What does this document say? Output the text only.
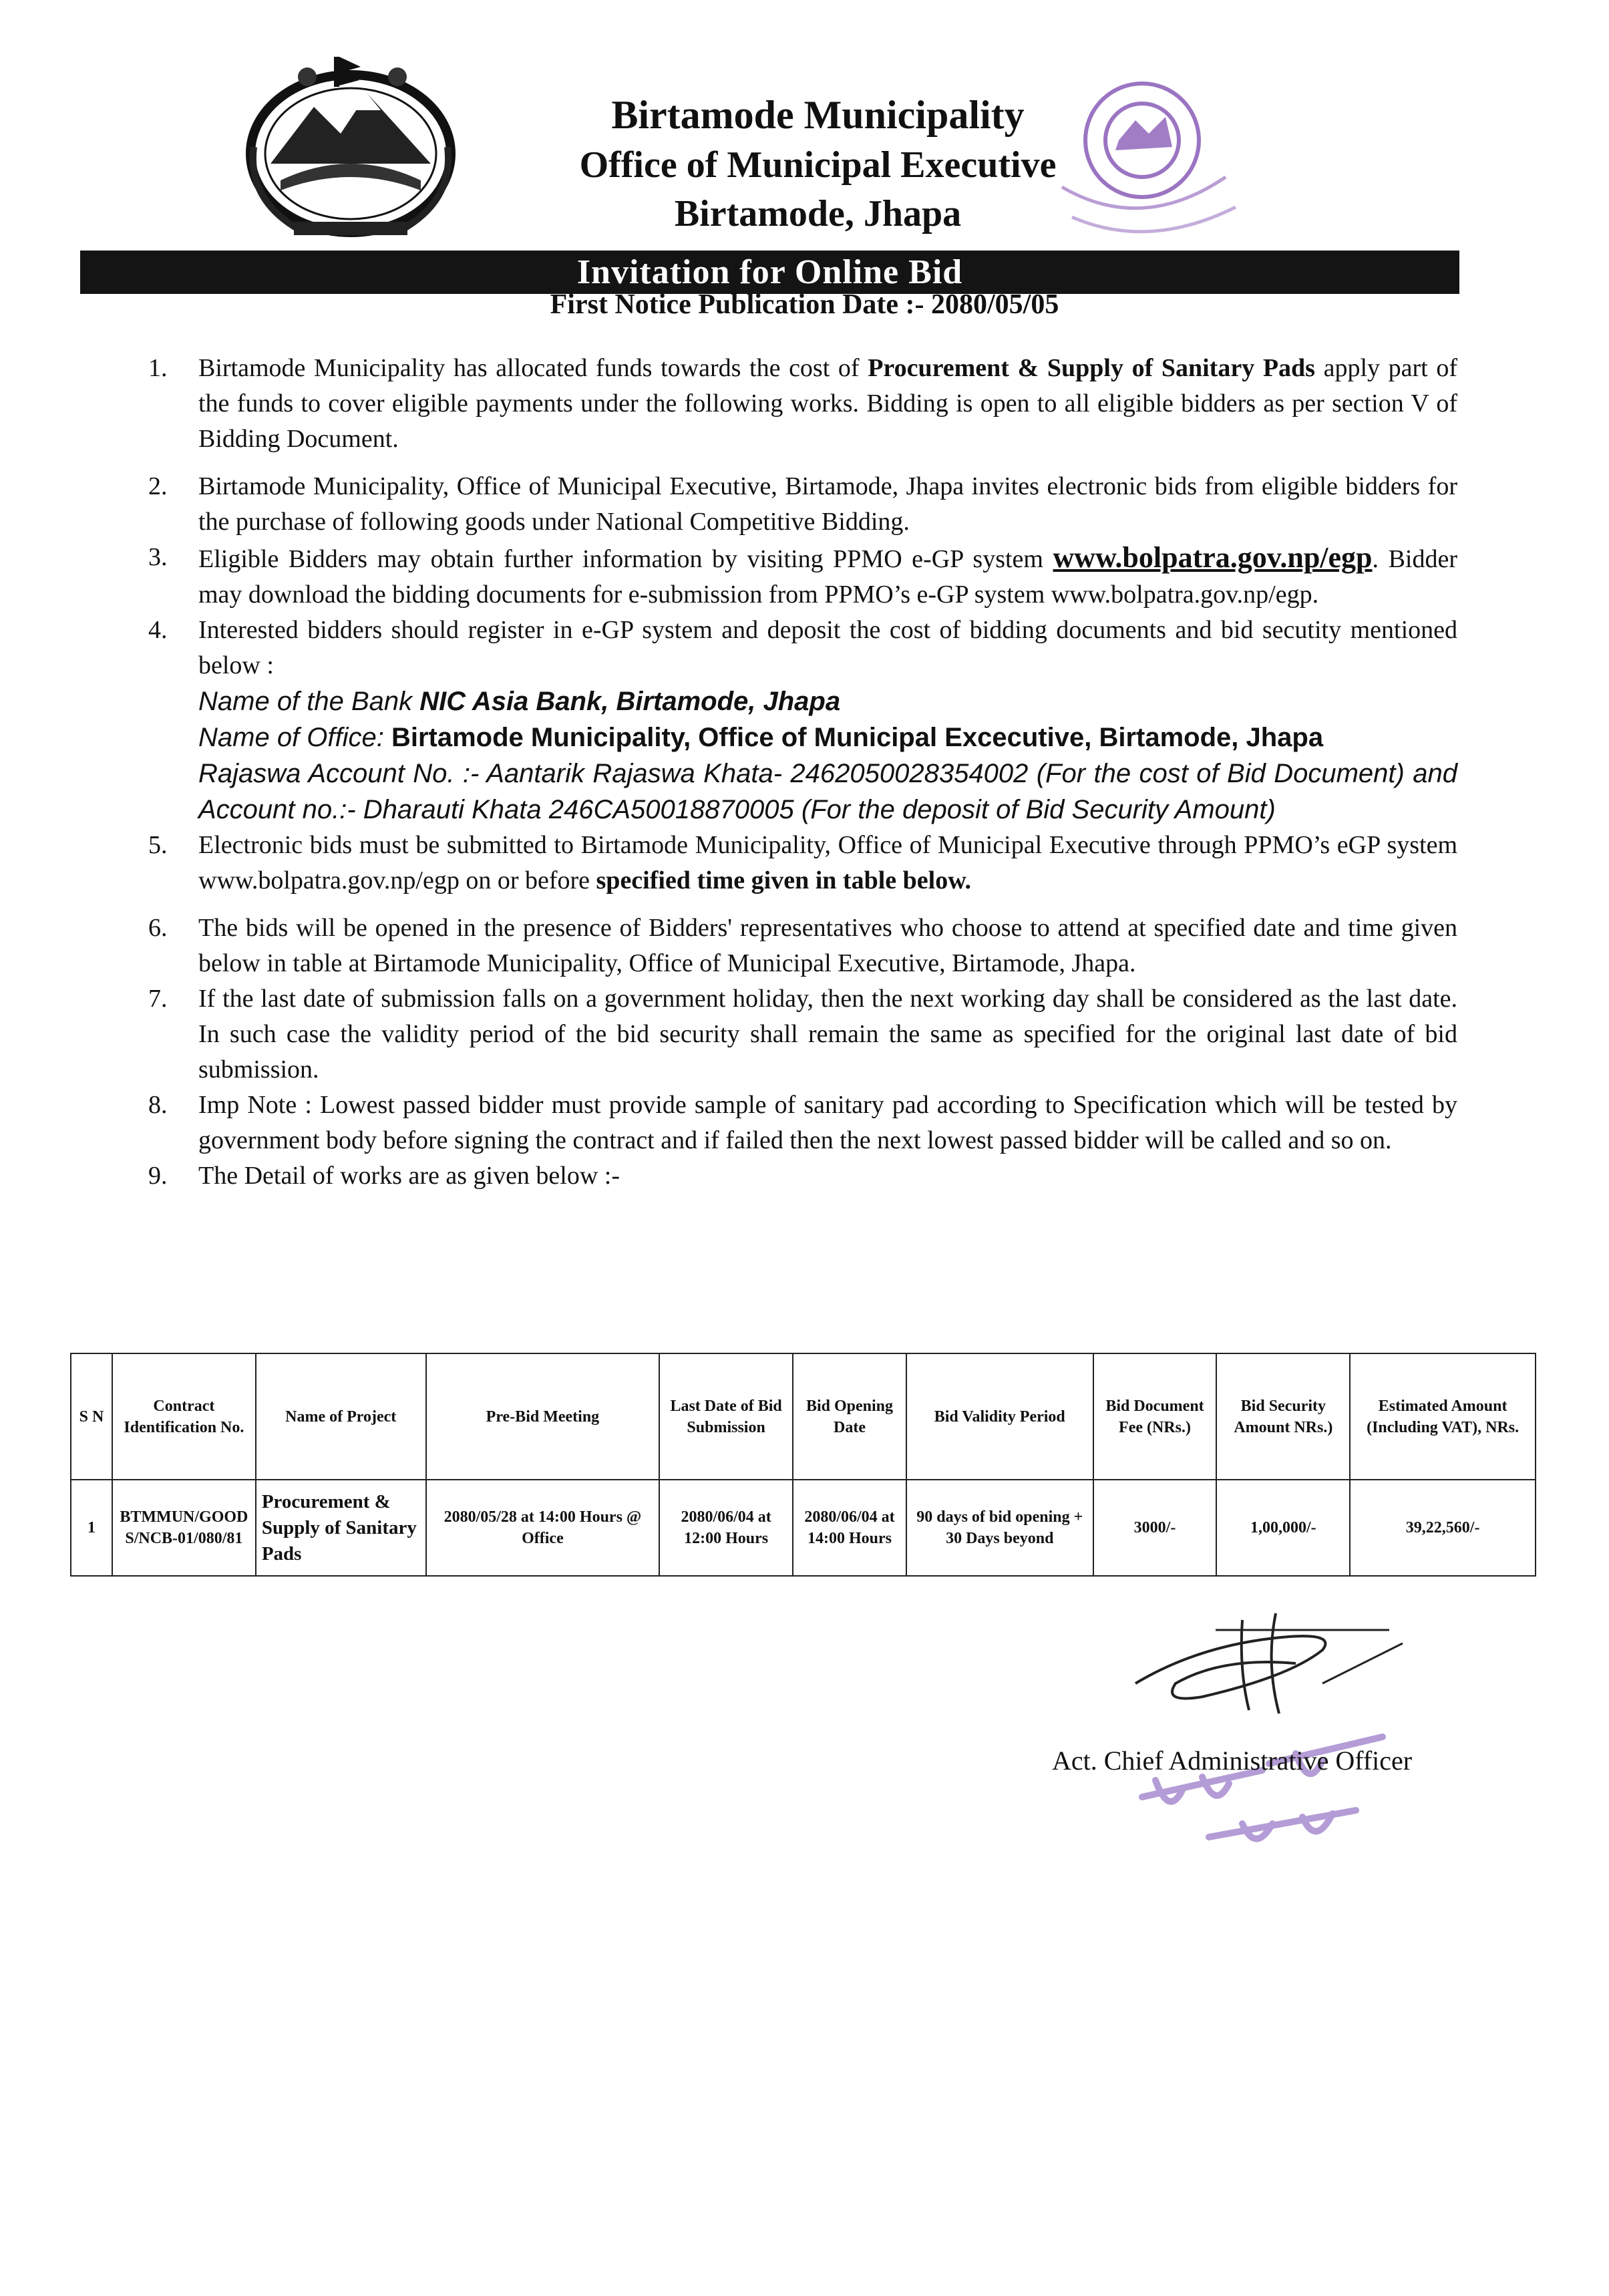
Birtamode Municipality
Office of Municipal Executive
Birtamode, Jhapa
Invitation for Online Bid
First Notice Publication Date :- 2080/05/05
1.	Birtamode Municipality has allocated funds towards the cost of Procurement & Supply of Sanitary Pads apply part of the funds to cover eligible payments under the following works. Bidding is open to all eligible bidders as per section V of Bidding Document.

2.	Birtamode Municipality, Office of Municipal Executive, Birtamode, Jhapa invites electronic bids from eligible bidders for the purchase of following goods under National Competitive Bidding.

3.	Eligible Bidders may obtain further information by visiting PPMO e-GP system www.bolpatra.gov.np/egp. Bidder may download the bidding documents for e-submission from PPMO’s e-GP system www.bolpatra.gov.np/egp.

4.	Interested bidders should register in e-GP system and deposit the cost of bidding documents and bid secutity mentioned below :

Name of the Bank NIC Asia Bank, Birtamode, Jhapa

Name of Office: Birtamode Municipality, Office of Municipal Excecutive, Birtamode, Jhapa

Rajaswa Account No. :- Aantarik Rajaswa Khata- 2462050028354002 (For the cost of Bid Document) and Account no.:- Dharauti Khata 246CA50018870005 (For the deposit of Bid Security Amount)

5.	Electronic bids must be submitted to Birtamode Municipality, Office of Municipal Executive through PPMO’s eGP system www.bolpatra.gov.np/egp on or before specified time given in table below.

6.	The bids will be opened in the presence of Bidders' representatives who choose to attend at specified date and time given below in table at Birtamode Municipality, Office of Municipal Executive, Birtamode, Jhapa.

7.	If the last date of submission falls on a government holiday, then the next working day shall be considered as the last date. In such case the validity period of the bid security shall remain the same as specified for the original last date of bid submission.

8.	Imp Note : Lowest passed bidder must provide sample of sanitary pad according to Specification which will be tested by government body before signing the contract and if failed then the next lowest passed bidder will be called and so on.

9.	The Detail of works are as given below :-

S N	Contract Identification No.	Name of Project	Pre-Bid Meeting	Last Date of Bid Submission	Bid Opening Date	Bid Validity Period	Bid Document Fee (NRs.)	Bid Security Amount NRs.)	Estimated Amount (Including VAT), NRs.
1	BTMMUN/GOODS/NCB-01/080/81	Procurement & Supply of Sanitary Pads	2080/05/28 at 14:00 Hours @ Office	2080/06/04 at 12:00 Hours	2080/06/04 at 14:00 Hours	90 days of bid opening + 30 Days beyond	3000/-	1,00,000/-	39,22,560/-
Act. Chief Administrative Officer
